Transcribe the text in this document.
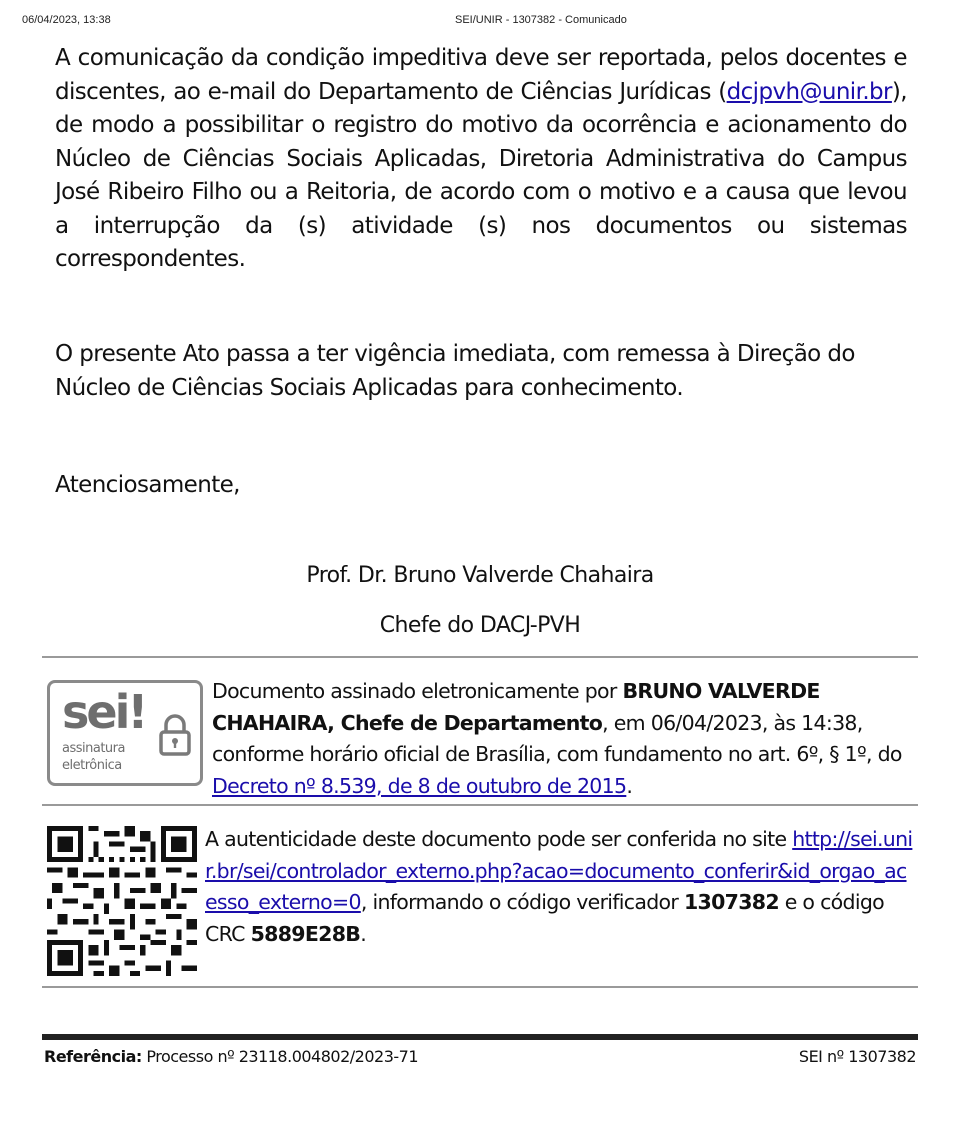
06/04/2023, 13:38	SEI/UNIR - 1307382 - Comunicado
A comunicação da condição impeditiva deve ser reportada, pelos docentes e discentes, ao e-mail do Departamento de Ciências Jurídicas (dcjpvh@unir.br), de modo a possibilitar o registro do motivo da ocorrência e acionamento do Núcleo de Ciências Sociais Aplicadas, Diretoria Administrativa do Campus José Ribeiro Filho ou a Reitoria, de acordo com o motivo e a causa que levou a interrupção da (s) atividade (s) nos documentos ou sistemas correspondentes.
O presente Ato passa a ter vigência imediata, com remessa à Direção do Núcleo de Ciências Sociais Aplicadas para conhecimento.
Atenciosamente,
Prof. Dr. Bruno Valverde Chahaira
Chefe do DACJ-PVH
sei!
assinatura
eletrônica
Documento assinado eletronicamente por BRUNO VALVERDE CHAHAIRA, Chefe de Departamento, em 06/04/2023, às 14:38, conforme horário oficial de Brasília, com fundamento no art. 6º, § 1º, do Decreto nº 8.539, de 8 de outubro de 2015.
A autenticidade deste documento pode ser conferida no site http://sei.unir.br/sei/controlador_externo.php?acao=documento_conferir&id_orgao_acesso_externo=0, informando o código verificador 1307382 e o código CRC 5889E28B.
Referência: Processo nº 23118.004802/2023-71	SEI nº 1307382
